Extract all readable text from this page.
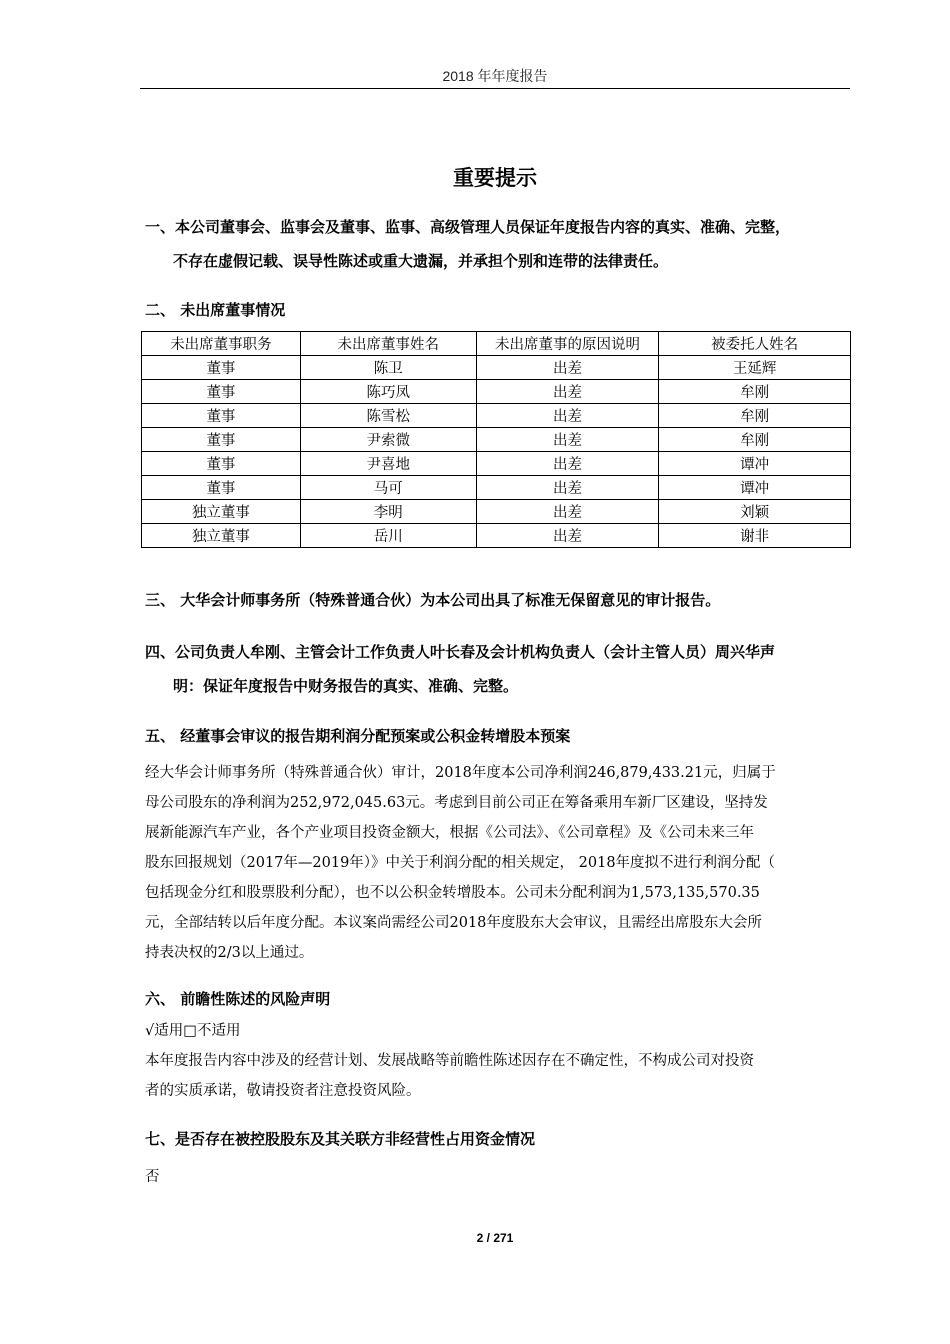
2018 年年度报告
重要提示
一、本公司董事会、监事会及董事、监事、高级管理人员保证年度报告内容的真实、准确、完整，
不存在虚假记载、误导性陈述或重大遗漏，并承担个别和连带的法律责任。
二、 未出席董事情况
未出席董事职务	未出席董事姓名	未出席董事的原因说明	被委托人姓名
董事	陈卫	出差	王延辉
董事	陈巧凤	出差	牟刚
董事	陈雪松	出差	牟刚
董事	尹索微	出差	牟刚
董事	尹喜地	出差	谭冲
董事	马可	出差	谭冲
独立董事	李明	出差	刘颖
独立董事	岳川	出差	谢非
三、 大华会计师事务所（特殊普通合伙）为本公司出具了标准无保留意见的审计报告。
四、公司负责人牟刚、主管会计工作负责人叶长春及会计机构负责人（会计主管人员）周兴华声
明：保证年度报告中财务报告的真实、准确、完整。
五、 经董事会审议的报告期利润分配预案或公积金转增股本预案
经大华会计师事务所（特殊普通合伙）审计，2018年度本公司净利润246,879,433.21元，归属于
母公司股东的净利润为252,972,045.63元。考虑到目前公司正在筹备乘用车新厂区建设，坚持发
展新能源汽车产业，各个产业项目投资金额大，根据《公司法》、《公司章程》及《公司未来三年
股东回报规划（2017年—2019年）》中关于利润分配的相关规定， 2018年度拟不进行利润分配（
包括现金分红和股票股利分配），也不以公积金转增股本。公司未分配利润为1,573,135,570.35
元，全部结转以后年度分配。本议案尚需经公司2018年度股东大会审议，且需经出席股东大会所
持表决权的2/3以上通过。
六、 前瞻性陈述的风险声明
√适用□不适用
本年度报告内容中涉及的经营计划、发展战略等前瞻性陈述因存在不确定性，不构成公司对投资
者的实质承诺，敬请投资者注意投资风险。
七、是否存在被控股股东及其关联方非经营性占用资金情况
否
2 / 271
